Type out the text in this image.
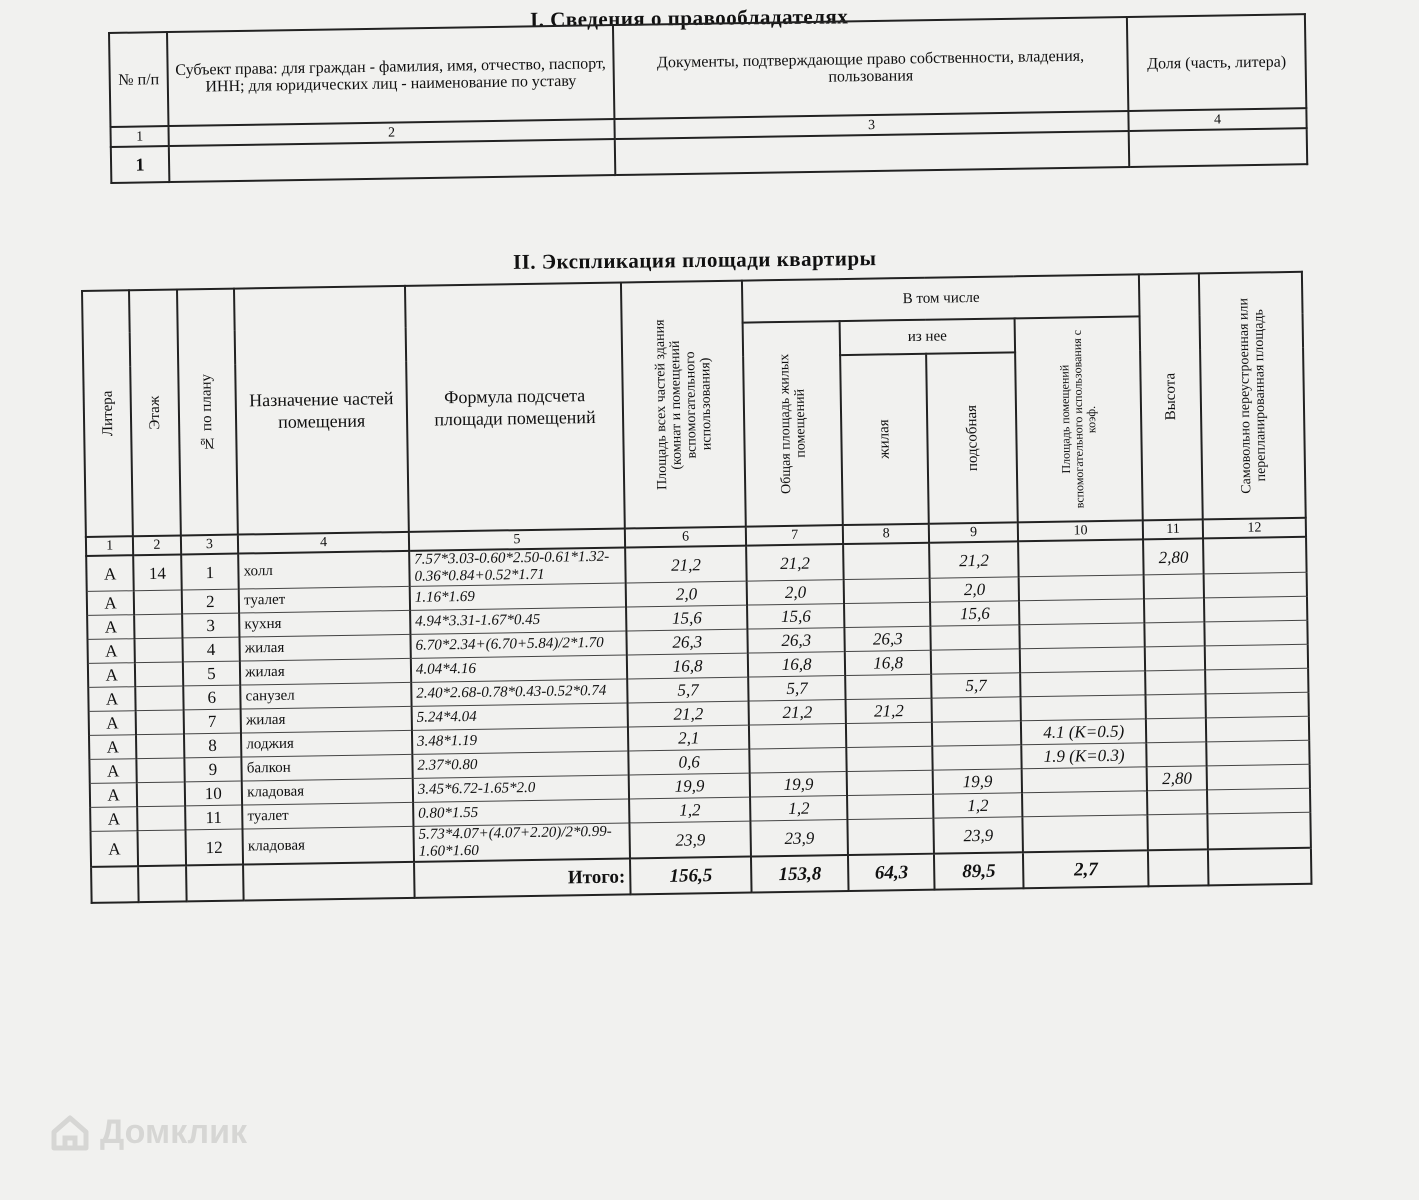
I. Сведения о правообладателях
№ п/п	Субъект права: для граждан - фамилия, имя, отчество, паспорт, ИНН; для юридических лиц - наименование по уставу	Документы, подтверждающие право собственности, владения, пользования	Доля (часть, литера)
1	2	3	4
1			
II. Экспликация площади квартиры
Литера	Этаж	№ по плану	Назначение частей помещения	Формула подсчета площади помещений	Площадь всех частей здания (комнат и помещений вспомогательного использования)	В том числе				Высота	Самовольно переустроенная или перепланированная площадь

						Общая площадь жилых помещений	из нее		Площадь помещений вспомогательного использования с коэф.		

							жилая	подсобная			

1	2	3	4	5	6	7	8	9	10	11	12
А	14	1	холл	7.57*3.03-0.60*2.50-0.61*1.32-0.36*0.84+0.52*1.71	21,2	21,2		21,2		2,80	
А		2	туалет	1.16*1.69	2,0	2,0		2,0			
А		3	кухня	4.94*3.31-1.67*0.45	15,6	15,6		15,6			
А		4	жилая	6.70*2.34+(6.70+5.84)/2*1.70	26,3	26,3	26,3				
А		5	жилая	4.04*4.16	16,8	16,8	16,8				
А		6	санузел	2.40*2.68-0.78*0.43-0.52*0.74	5,7	5,7		5,7			
А		7	жилая	5.24*4.04	21,2	21,2	21,2				
А		8	лоджия	3.48*1.19	2,1				4.1 (K=0.5)		
А		9	балкон	2.37*0.80	0,6				1.9 (K=0.3)		
А		10	кладовая	3.45*6.72-1.65*2.0	19,9	19,9		19,9		2,80	
А		11	туалет	0.80*1.55	1,2	1,2		1,2			
А		12	кладовая	5.73*4.07+(4.07+2.20)/2*0.99-1.60*1.60	23,9	23,9		23,9			
				Итого:	156,5	153,8	64,3	89,5	2,7		
Домклик
